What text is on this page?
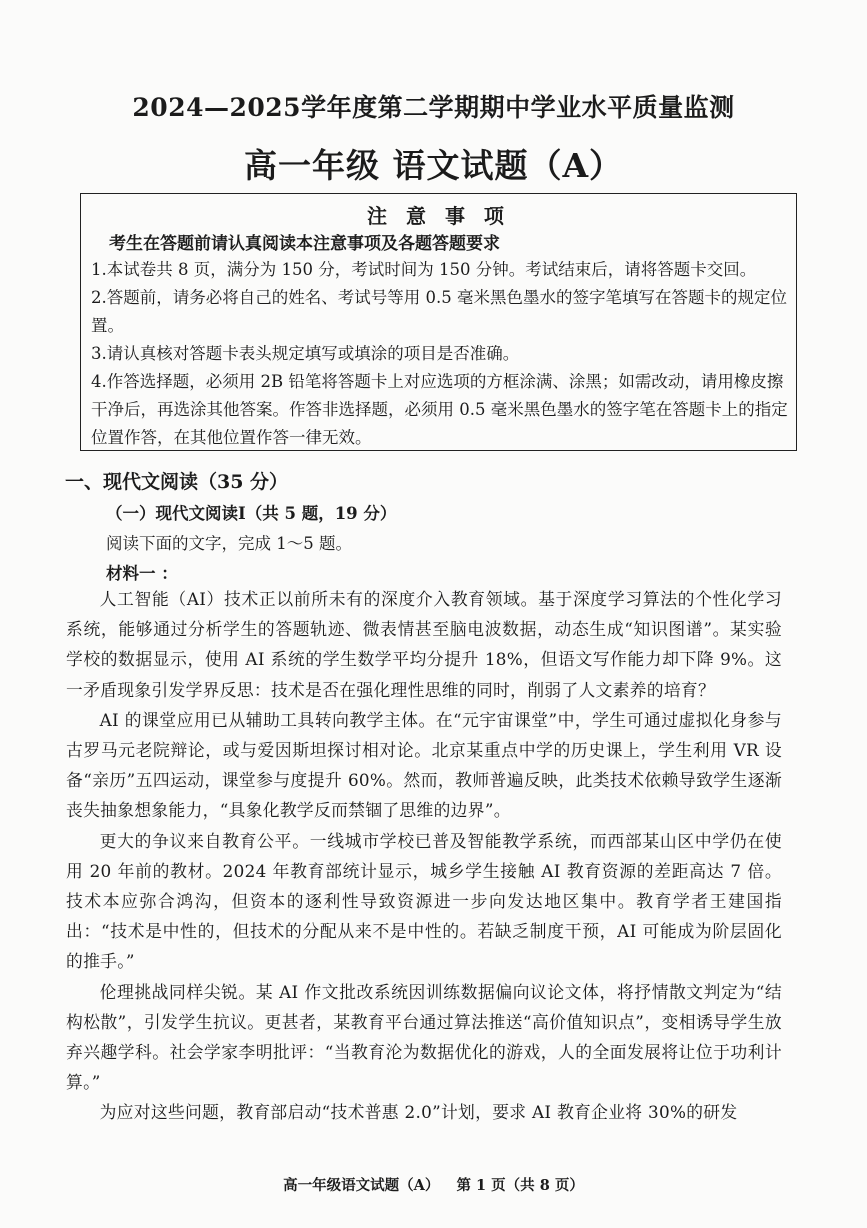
2024—2025学年度第二学期期中学业水平质量监测
高一年级 语文试题（A）
注 意 事 项
考生在答题前请认真阅读本注意事项及各题答题要求

1.本试卷共 8 页，满分为 150 分，考试时间为 150 分钟。考试结束后，请将答题卡交回。

2.答题前，请务必将自己的姓名、考试号等用 0.5 毫米黑色墨水的签字笔填写在答题卡的规定位置。

3.请认真核对答题卡表头规定填写或填涂的项目是否准确。

4.作答选择题，必须用 2B 铅笔将答题卡上对应选项的方框涂满、涂黑；如需改动，请用橡皮擦干净后，再选涂其他答案。作答非选择题，必须用 0.5 毫米黑色墨水的签字笔在答题卡上的指定位置作答，在其他位置作答一律无效。

一、现代文阅读（35 分）
（一）现代文阅读Ⅰ（共 5 题，19 分）
阅读下面的文字，完成 1～5 题。
材料一 ：

人工智能（AI）技术正以前所未有的深度介入教育领域。基于深度学习算法的个性化学习系统，能够通过分析学生的答题轨迹、微表情甚至脑电波数据，动态生成“知识图谱”。某实验学校的数据显示，使用 AI 系统的学生数学平均分提升 18%，但语文写作能力却下降 9%。这一矛盾现象引发学界反思：技术是否在强化理性思维的同时，削弱了人文素养的培育？

AI 的课堂应用已从辅助工具转向教学主体。在“元宇宙课堂”中，学生可通过虚拟化身参与古罗马元老院辩论，或与爱因斯坦探讨相对论。北京某重点中学的历史课上，学生利用 VR 设备“亲历”五四运动，课堂参与度提升 60%。然而，教师普遍反映，此类技术依赖导致学生逐渐丧失抽象想象能力，“具象化教学反而禁锢了思维的边界”。

更大的争议来自教育公平。一线城市学校已普及智能教学系统，而西部某山区中学仍在使用 20 年前的教材。2024 年教育部统计显示，城乡学生接触 AI 教育资源的差距高达 7 倍。技术本应弥合鸿沟，但资本的逐利性导致资源进一步向发达地区集中。教育学者王建国指出：“技术是中性的，但技术的分配从来不是中性的。若缺乏制度干预，AI 可能成为阶层固化的推手。”

伦理挑战同样尖锐。某 AI 作文批改系统因训练数据偏向议论文体，将抒情散文判定为“结构松散”，引发学生抗议。更甚者，某教育平台通过算法推送“高价值知识点”，变相诱导学生放弃兴趣学科。社会学家李明批评：“当教育沦为数据优化的游戏，人的全面发展将让位于功利计算。”

为应对这些问题，教育部启动“技术普惠 2.0”计划，要求 AI 教育企业将 30%的研发

高一年级语文试题（A） 第 1 页（共 8 页）
